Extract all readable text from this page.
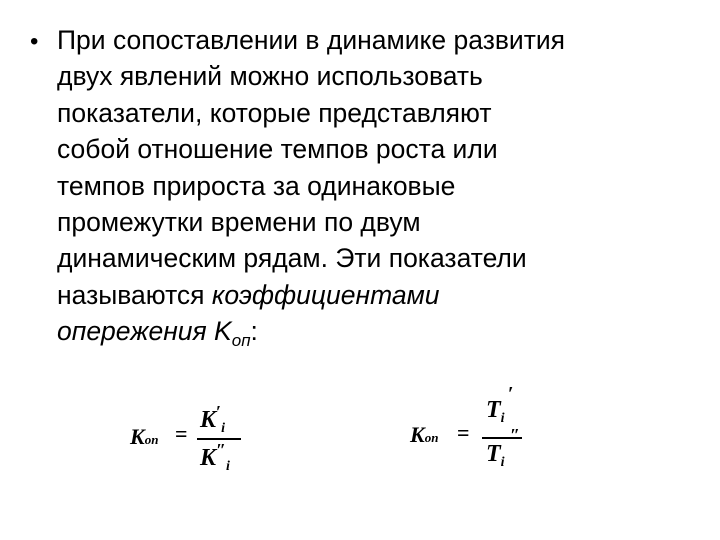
• При сопоставлении в динамике развития
двух явлений можно использовать
показатели, которые представляют
собой отношение темпов роста или
темпов прироста за одинаковые
промежутки времени по двум
динамическим рядам. Эти показатели
называются коэффициентами
опережения $K_{оп}$:
Kоп =
$K'_i$
$K''_i$
Kоп =
′
$T_i$
″
$T_i$
